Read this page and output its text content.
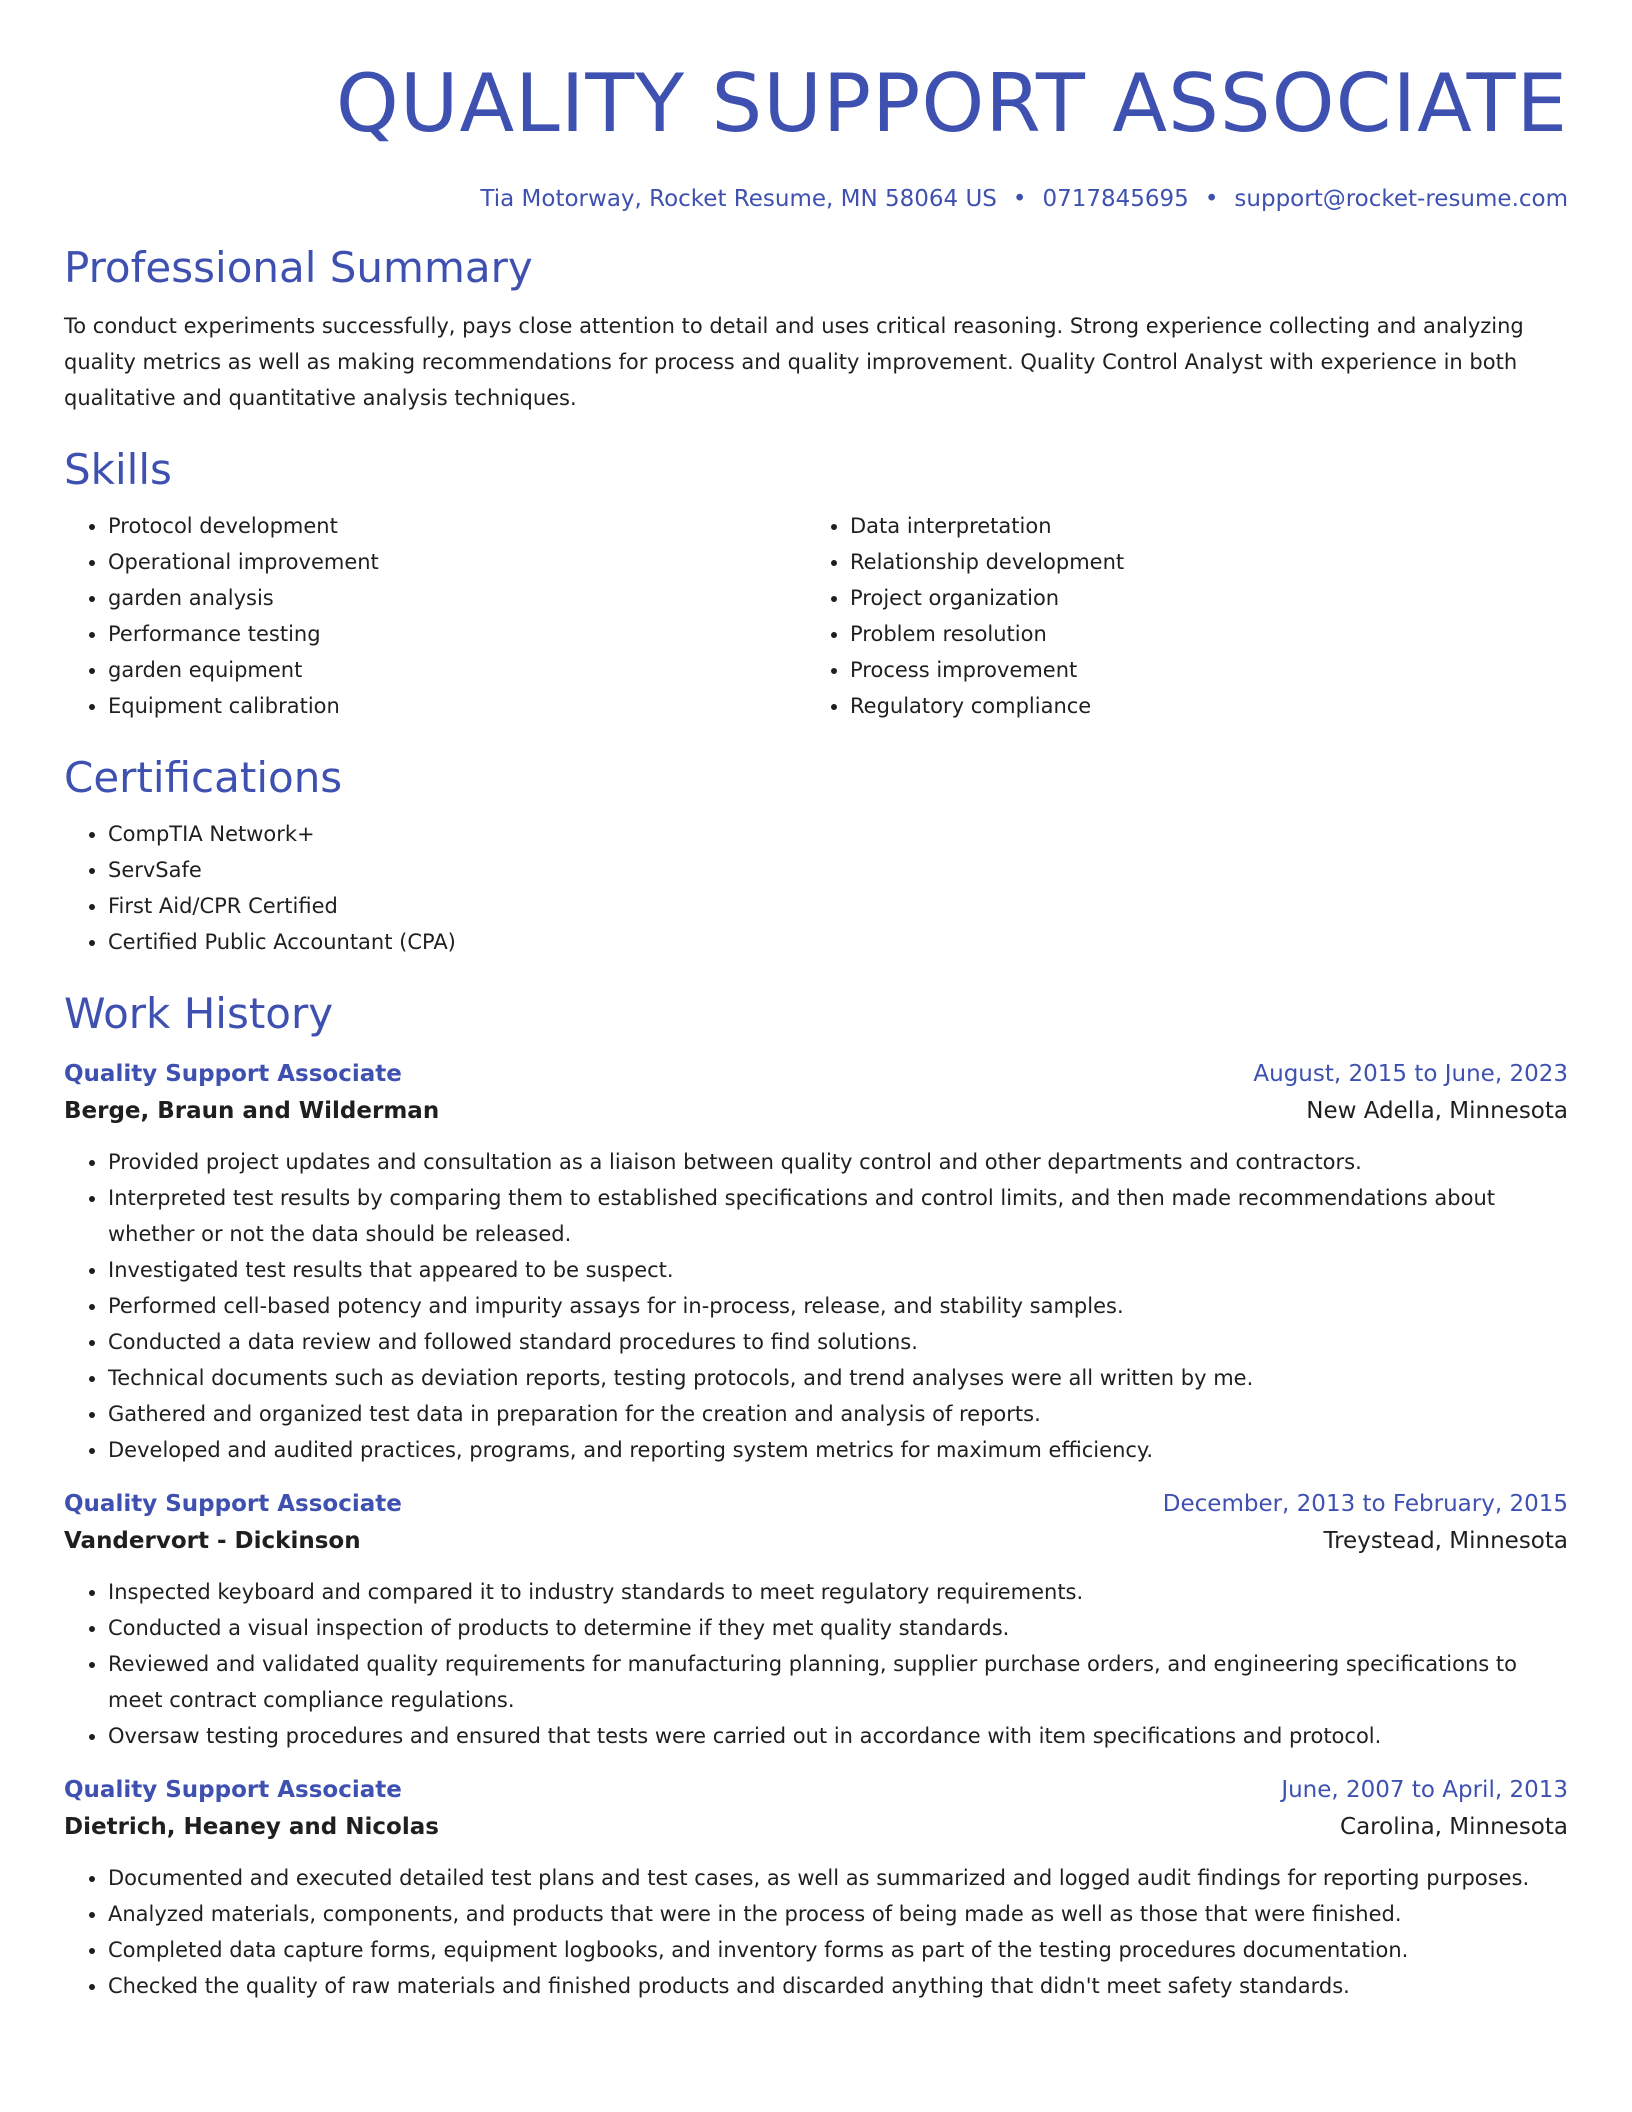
QUALITY SUPPORT ASSOCIATE
Tia Motorway, Rocket Resume, MN 58064 US • 0717845695 • support@rocket-resume.com
Professional Summary
To conduct experiments successfully, pays close attention to detail and uses critical reasoning. Strong experience collecting and analyzing quality metrics as well as making recommendations for process and quality improvement. Quality Control Analyst with experience in both qualitative and quantitative analysis techniques.
Skills
• Protocol development
• Operational improvement
• garden analysis
• Performance testing
• garden equipment
• Equipment calibration
• Data interpretation
• Relationship development
• Project organization
• Problem resolution
• Process improvement
• Regulatory compliance
Certifications
• CompTIA Network+
• ServSafe
• First Aid/CPR Certified
• Certified Public Accountant (CPA)
Work History
Quality Support Associate	August, 2015 to June, 2023
Berge, Braun and Wilderman	New Adella, Minnesota
• Provided project updates and consultation as a liaison between quality control and other departments and contractors.
• Interpreted test results by comparing them to established specifications and control limits, and then made recommendations about whether or not the data should be released.
• Investigated test results that appeared to be suspect.
• Performed cell-based potency and impurity assays for in-process, release, and stability samples.
• Conducted a data review and followed standard procedures to find solutions.
• Technical documents such as deviation reports, testing protocols, and trend analyses were all written by me.
• Gathered and organized test data in preparation for the creation and analysis of reports.
• Developed and audited practices, programs, and reporting system metrics for maximum efficiency.
Quality Support Associate	December, 2013 to February, 2015
Vandervort - Dickinson	Treystead, Minnesota
• Inspected keyboard and compared it to industry standards to meet regulatory requirements.
• Conducted a visual inspection of products to determine if they met quality standards.
• Reviewed and validated quality requirements for manufacturing planning, supplier purchase orders, and engineering specifications to meet contract compliance regulations.
• Oversaw testing procedures and ensured that tests were carried out in accordance with item specifications and protocol.
Quality Support Associate	June, 2007 to April, 2013
Dietrich, Heaney and Nicolas	Carolina, Minnesota
• Documented and executed detailed test plans and test cases, as well as summarized and logged audit findings for reporting purposes.
• Analyzed materials, components, and products that were in the process of being made as well as those that were finished.
• Completed data capture forms, equipment logbooks, and inventory forms as part of the testing procedures documentation.
• Checked the quality of raw materials and finished products and discarded anything that didn't meet safety standards.
